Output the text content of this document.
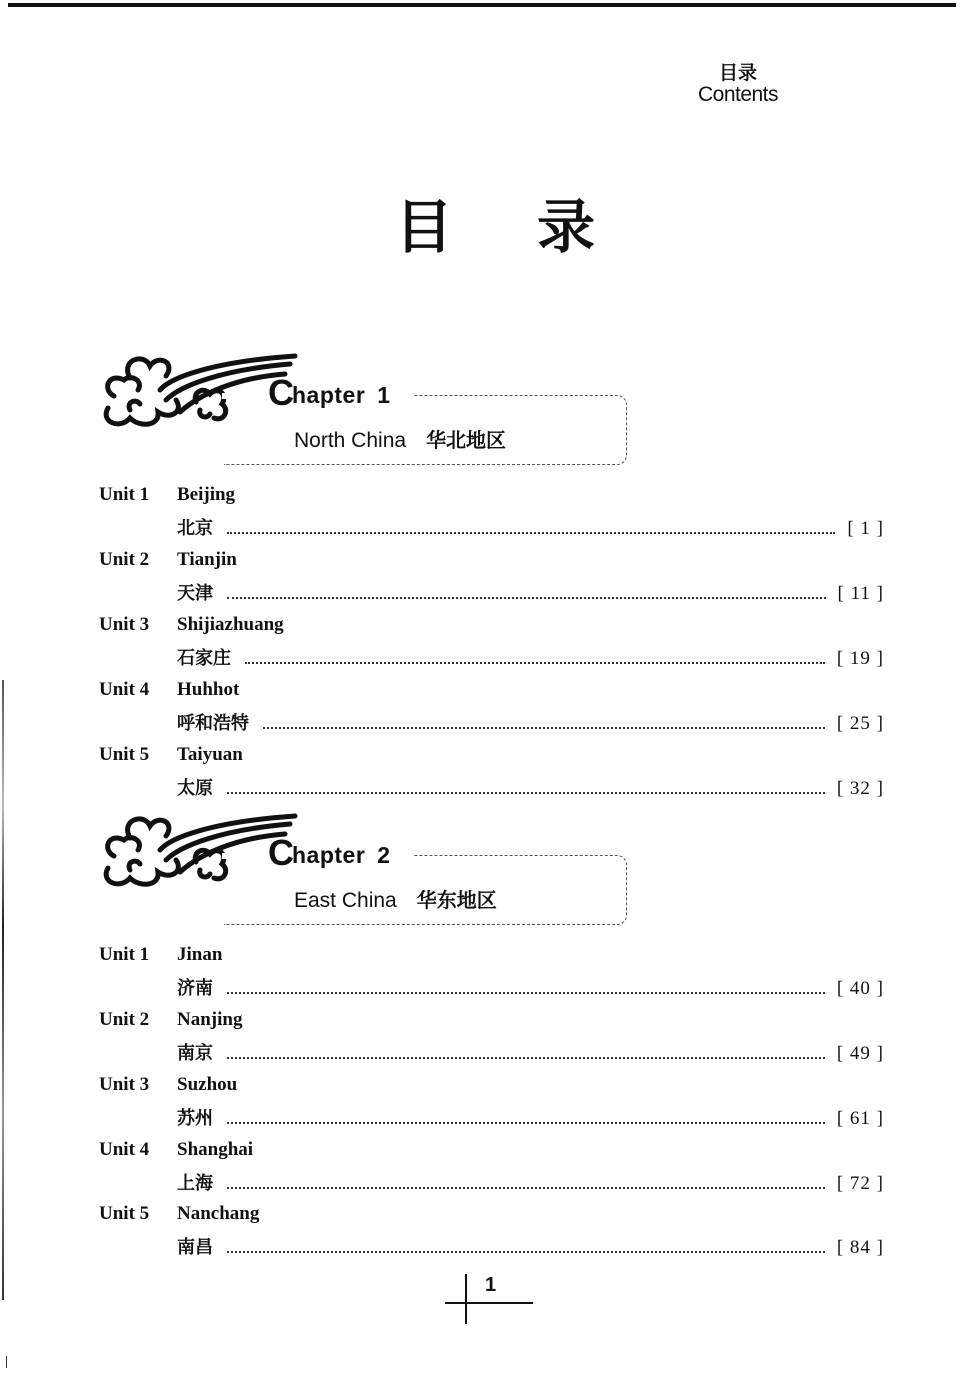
目录
Contents
目 录
Chapter 1
North China 华北地区
Unit 1 Beijing
北京	[ 1 ]
Unit 2 Tianjin
天津	[ 11 ]
Unit 3 Shijiazhuang
石家庄	[ 19 ]
Unit 4 Huhhot
呼和浩特	[ 25 ]
Unit 5 Taiyuan
太原	[ 32 ]
Chapter 2
East China 华东地区
Unit 1 Jinan
济南	[ 40 ]
Unit 2 Nanjing
南京	[ 49 ]
Unit 3 Suzhou
苏州	[ 61 ]
Unit 4 Shanghai
上海	[ 72 ]
Unit 5 Nanchang
南昌	[ 84 ]
1
